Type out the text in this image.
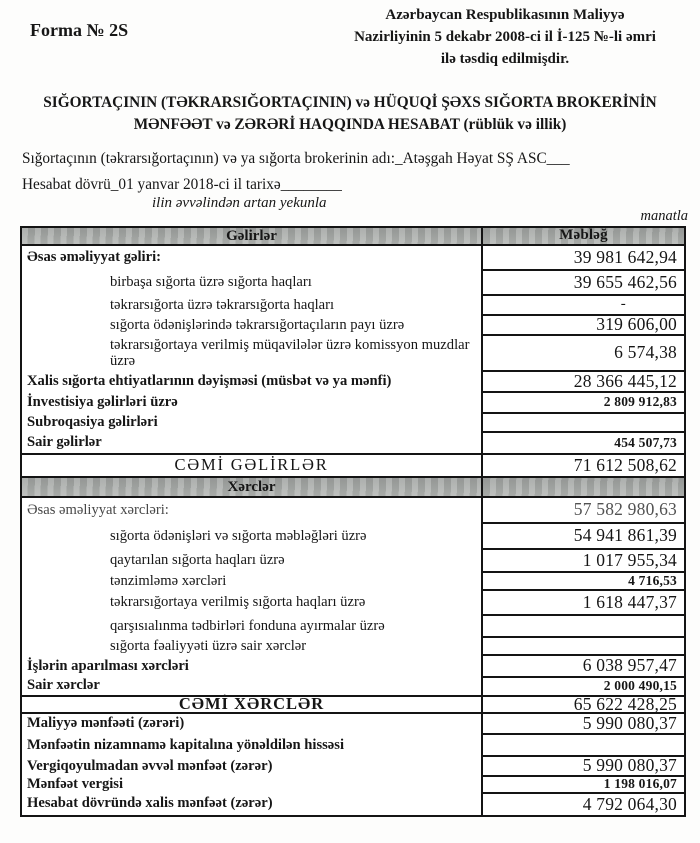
Forma № 2S
Azərbaycan Respublikasının Maliyyə
Nazirliyinin 5 dekabr 2008-ci il İ-125 №-li əmri
ilə təsdiq edilmişdir.
SIĞORTAÇININ (TƏKRARSIĞORTAÇININ) və HÜQUQİ ŞƏXS SIĞORTA BROKERİNİN
MƏNFƏƏT və ZƏRƏRİ HAQQINDA HESABAT (rüblük və illik)
Sığortaçının (təkrarsığortaçının) və ya sığorta brokerinin adı:_Atəşgah Həyat SŞ ASC___
Hesabat dövrü_01 yanvar 2018-ci il tarixə________
ilin əvvəlindən artan yekunla
manatla
Gəlirlər	Məbləğ
Əsas əməliyyat gəliri:	39 981 642,94
birbaşa sığorta üzrə sığorta haqları	39 655 462,56
təkrarsığorta üzrə təkrarsığorta haqları	-
sığorta ödənişlərində təkrarsığortaçıların payı üzrə	319 606,00
təkrarsığortaya verilmiş müqavilələr üzrə komissyon muzdlar üzrə	6 574,38
Xalis sığorta ehtiyatlarının dəyişməsi (müsbət və ya mənfi)	28 366 445,12
İnvestisiya gəlirləri üzrə	2 809 912,83
Subroqasiya gəlirləri
Sair gəlirlər	454 507,73
CƏMİ GƏLİRLƏR	71 612 508,62
Xərclər
Əsas əməliyyat xərcləri:	57 582 980,63
sığorta ödənişləri və sığorta məbləğləri üzrə	54 941 861,39
qaytarılan sığorta haqları üzrə	1 017 955,34
tənzimləmə xərcləri	4 716,53
təkrarsığortaya verilmiş sığorta haqları üzrə	1 618 447,37
qarşısıalınma tədbirləri fonduna ayırmalar üzrə
sığorta fəaliyyəti üzrə sair xərclər
İşlərin aparılması xərcləri	6 038 957,47
Sair xərclər	2 000 490,15
CƏMİ XƏRCLƏR	65 622 428,25
Maliyyə mənfəəti (zərəri)	5 990 080,37
Mənfəətin nizamnamə kapitalına yönəldilən hissəsi
Vergiqoyulmadan əvvəl mənfəət (zərər)	5 990 080,37
Mənfəət vergisi	1 198 016,07
Hesabat dövründə xalis mənfəət (zərər)	4 792 064,30
